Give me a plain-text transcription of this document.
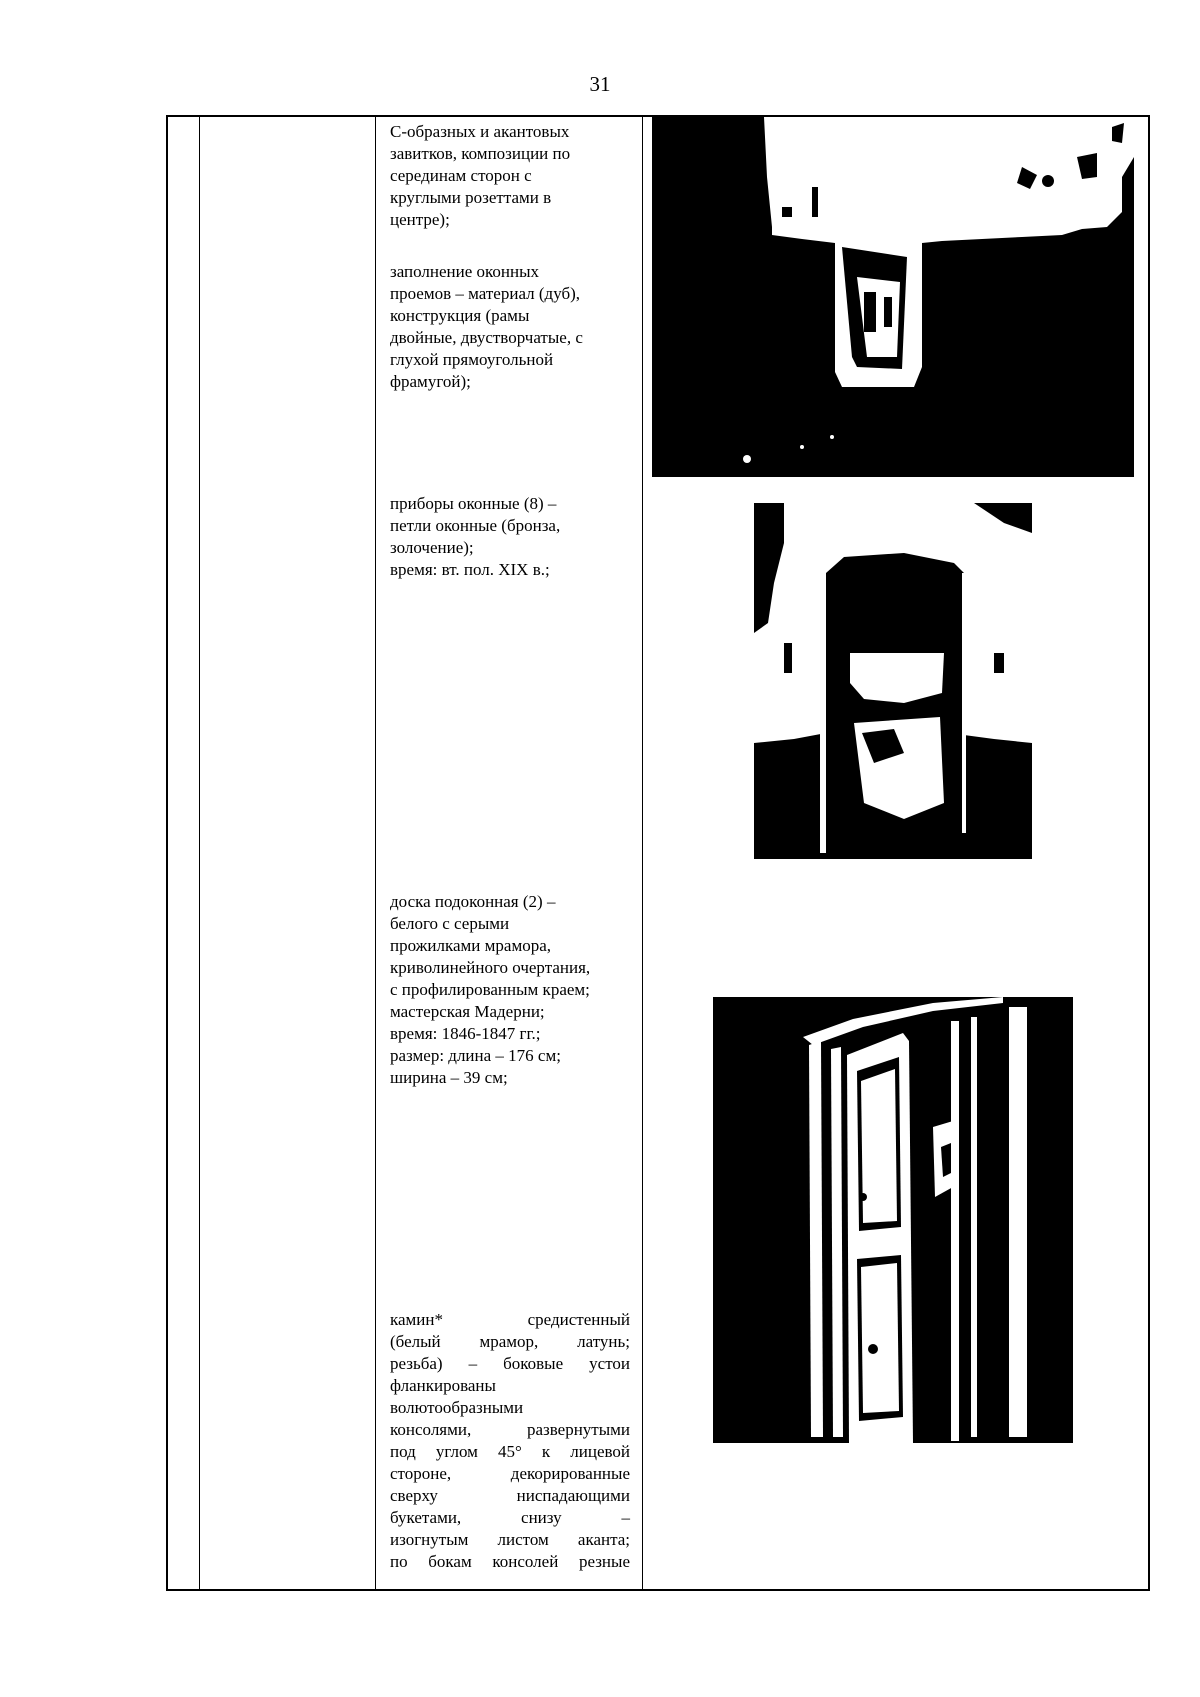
31
С-образных и акантовых
завитков, композиции по
серединам сторон с
круглыми розеттами в
центре);
заполнение оконных
проемов – материал (дуб),
конструкция (рамы
двойные, двустворчатые, с
глухой прямоугольной
фрамугой);
приборы оконные (8) –
петли оконные (бронза,
золочение);
время: вт. пол. XIX в.;
доска подоконная (2) –
белого с серыми
прожилками мрамора,
криволинейного очертания,
с профилированным краем;
мастерская Мадерни;
время: 1846-1847 гг.;
размер: длина – 176 см;
ширина – 39 см;
камин* средистенный
(белый мрамор, латунь;
резьба) – боковые устои
фланкированы
волютообразными
консолями, развернутыми
под углом 45° к лицевой
стороне, декорированные
сверху ниспадающими
букетами, снизу –
изогнутым листом аканта;
по бокам консолей резные
